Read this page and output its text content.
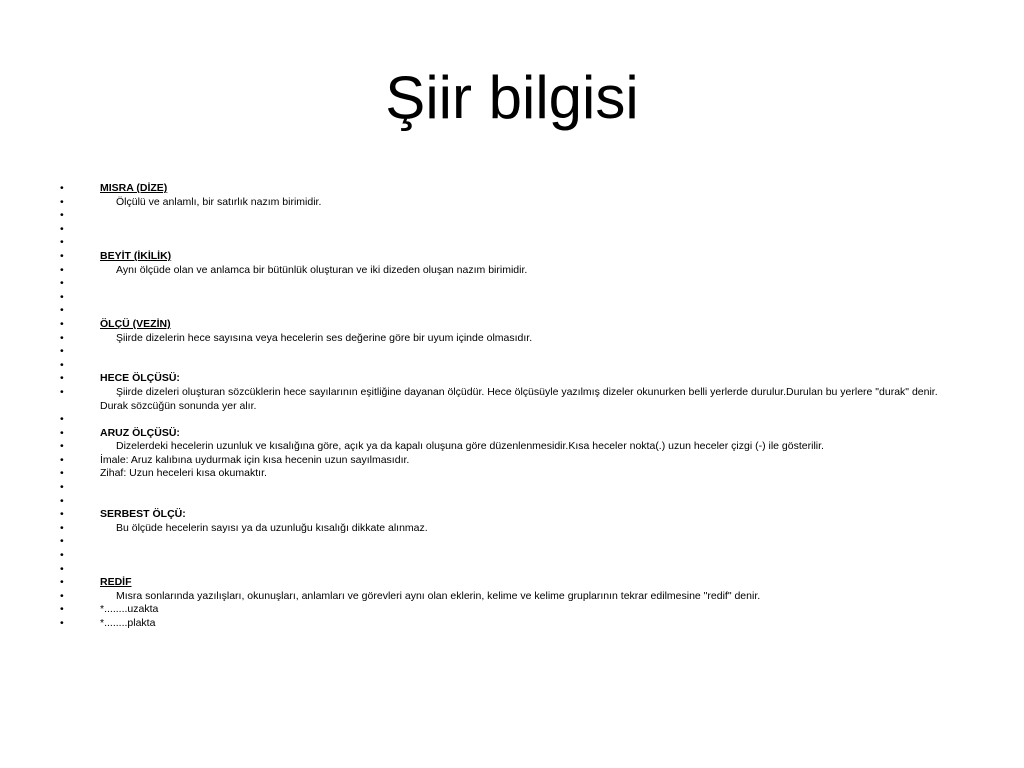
Şiir bilgisi
•	MISRA (DİZE)
•	Ölçülü ve anlamlı, bir satırlık nazım birimidir.
•
•
•
•	BEYİT (İKİLİK)
•	Aynı ölçüde olan ve anlamca bir bütünlük oluşturan ve iki dizeden oluşan nazım birimidir.
•
•
•
•	ÖLÇÜ (VEZİN)
•	Şiirde dizelerin hece sayısına veya hecelerin ses değerine göre bir uyum içinde olmasıdır.
•
•
•	HECE ÖLÇÜSÜ:
•	Şiirde dizeleri oluşturan sözcüklerin hece sayılarının eşitliğine dayanan ölçüdür. Hece ölçüsüyle yazılmış dizeler okunurken belli yerlerde durulur.Durulan bu yerlere "durak" denir. Durak sözcüğün sonunda yer alır.
•
•	ARUZ ÖLÇÜSÜ:
•	Dizelerdeki hecelerin uzunluk ve kısalığına göre, açık ya da kapalı oluşuna göre düzenlenmesidir.Kısa heceler nokta(.) uzun heceler çizgi (-) ile gösterilir.
•	İmale: Aruz kalıbına uydurmak için kısa hecenin uzun sayılmasıdır.
•	Zihaf: Uzun heceleri kısa okumaktır.
•
•
•	SERBEST ÖLÇÜ:
•	Bu ölçüde hecelerin sayısı ya da uzunluğu kısalığı dikkate alınmaz.
•
•
•
•	REDİF
•	Mısra sonlarında yazılışları, okunuşları, anlamları ve görevleri aynı olan eklerin, kelime ve kelime gruplarının tekrar edilmesine "redif" denir.
•	*........uzakta
•	*........plakta
